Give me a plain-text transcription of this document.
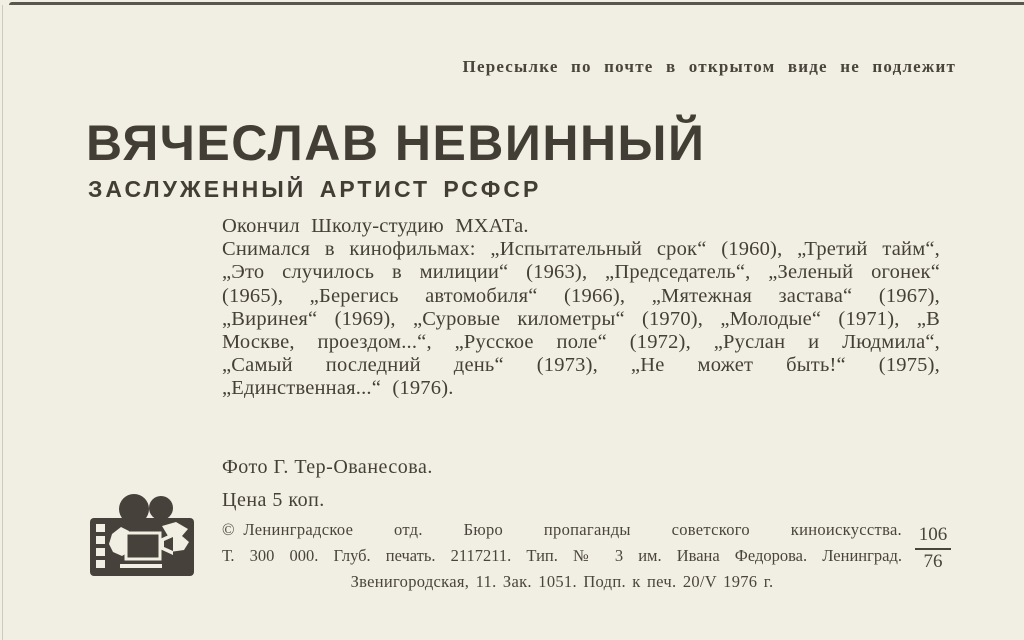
Пересылке по почте в открытом виде не подлежит
ВЯЧЕСЛАВ НЕВИННЫЙ
ЗАСЛУЖЕННЫЙ АРТИСТ РСФСР

Окончил Школу-студию МХАТа.

Снимался в кинофильмах: „Испытательный срок“ (1960), „Третий тайм“, „Это случилось в милиции“ (1963), „Председатель“, „Зеленый огонек“ (1965), „Берегись автомобиля“ (1966), „Мятежная застава“ (1967), „Виринея“ (1969), „Суровые километры“ (1970), „Молодые“ (1971), „В Москве, проездом...“, „Русское поле“ (1972), „Руслан и Людмила“, „Самый последний день“ (1973), „Не может быть!“ (1975), „Единственная...“ (1976).

Фото Г. Тер-Ованесова.
Цена 5 коп.
© Ленинградское отд. Бюро пропаганды советского киноискусства.
Т. 300 000. Глуб. печать. 2117211. Тип. № 3 им. Ивана Федорова. Ленинград.
Звенигородская, 11. Зак. 1051. Подп. к печ. 20/V 1976 г.
$\frac{106}{76}$
